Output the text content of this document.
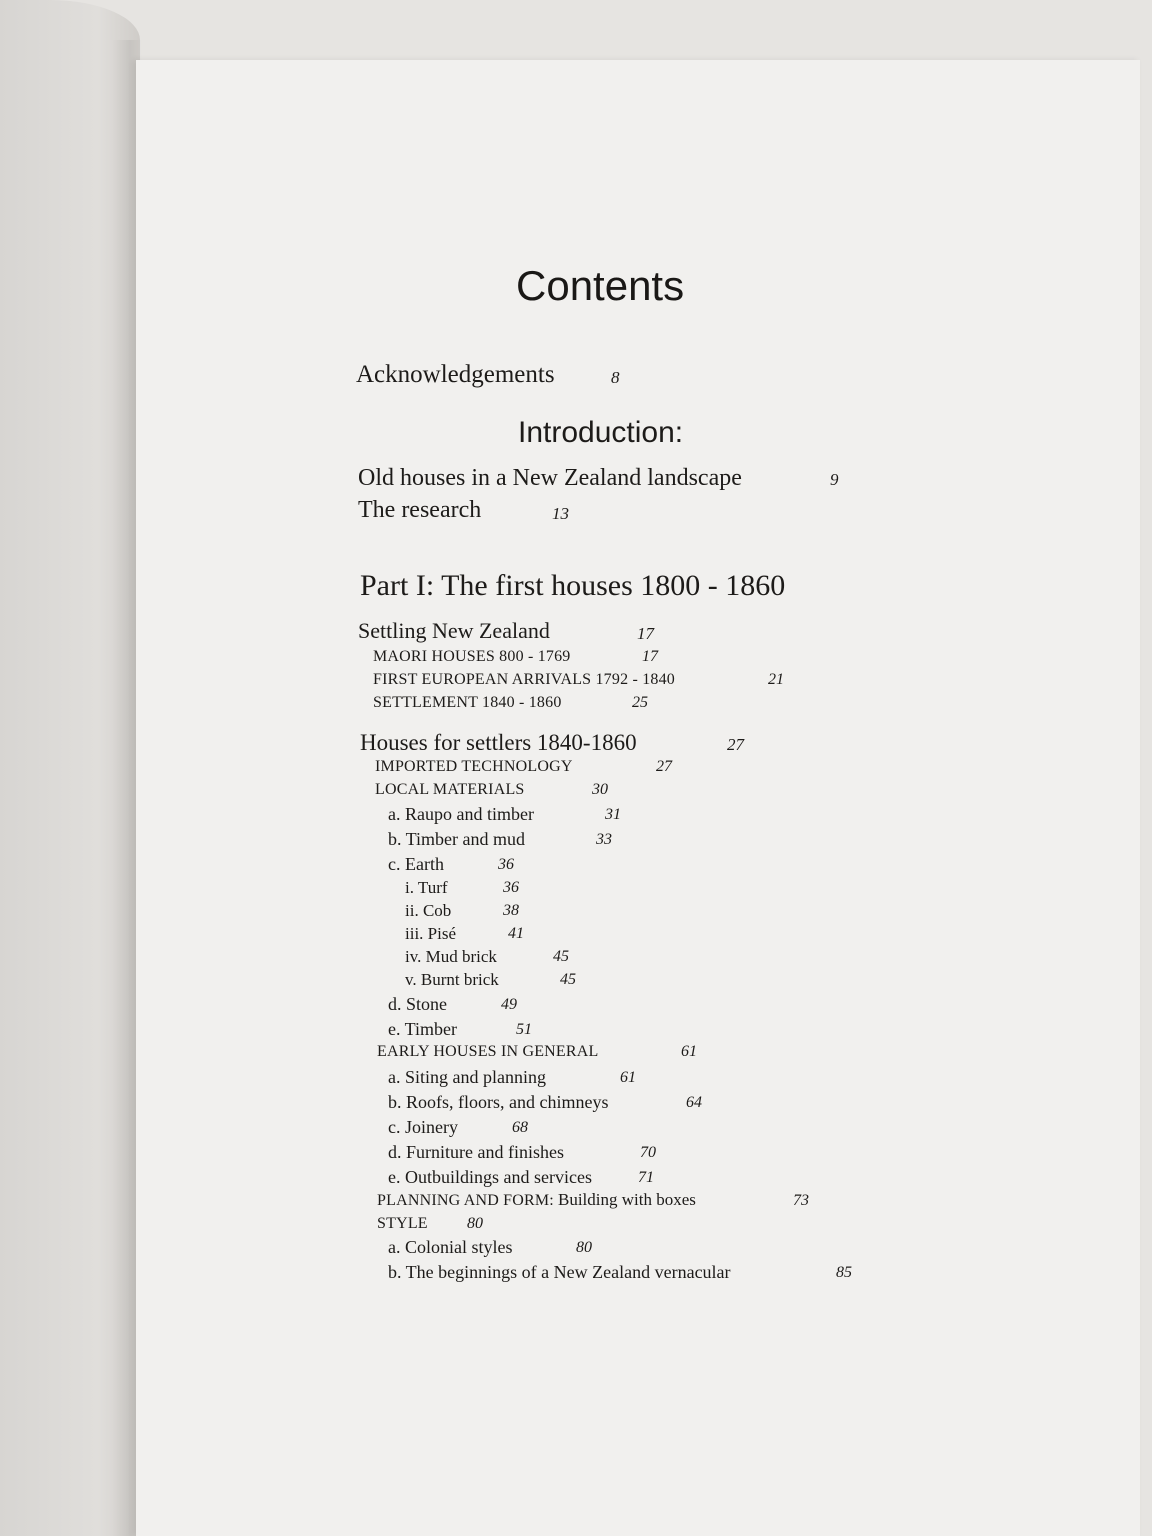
Contents
Acknowledgements	8
Introduction:
Old houses in a New Zealand landscape	9
The research	13
Part I: The first houses 1800 - 1860
Settling New Zealand	17
MAORI HOUSES 800 - 1769	17
FIRST EUROPEAN ARRIVALS 1792 - 1840	21
SETTLEMENT 1840 - 1860	25
Houses for settlers 1840-1860	27
IMPORTED TECHNOLOGY	27
LOCAL MATERIALS	30
a. Raupo and timber	31
b. Timber and mud	33
c. Earth	36
i. Turf	36
ii. Cob	38
iii. Pisé	41
iv. Mud brick	45
v. Burnt brick	45
d. Stone	49
e. Timber	51
EARLY HOUSES IN GENERAL	61
a. Siting and planning	61
b. Roofs, floors, and chimneys	64
c. Joinery	68
d. Furniture and finishes	70
e. Outbuildings and services	71
PLANNING AND FORM: Building with boxes	73
STYLE 80
a. Colonial styles	80
b. The beginnings of a New Zealand vernacular	85
